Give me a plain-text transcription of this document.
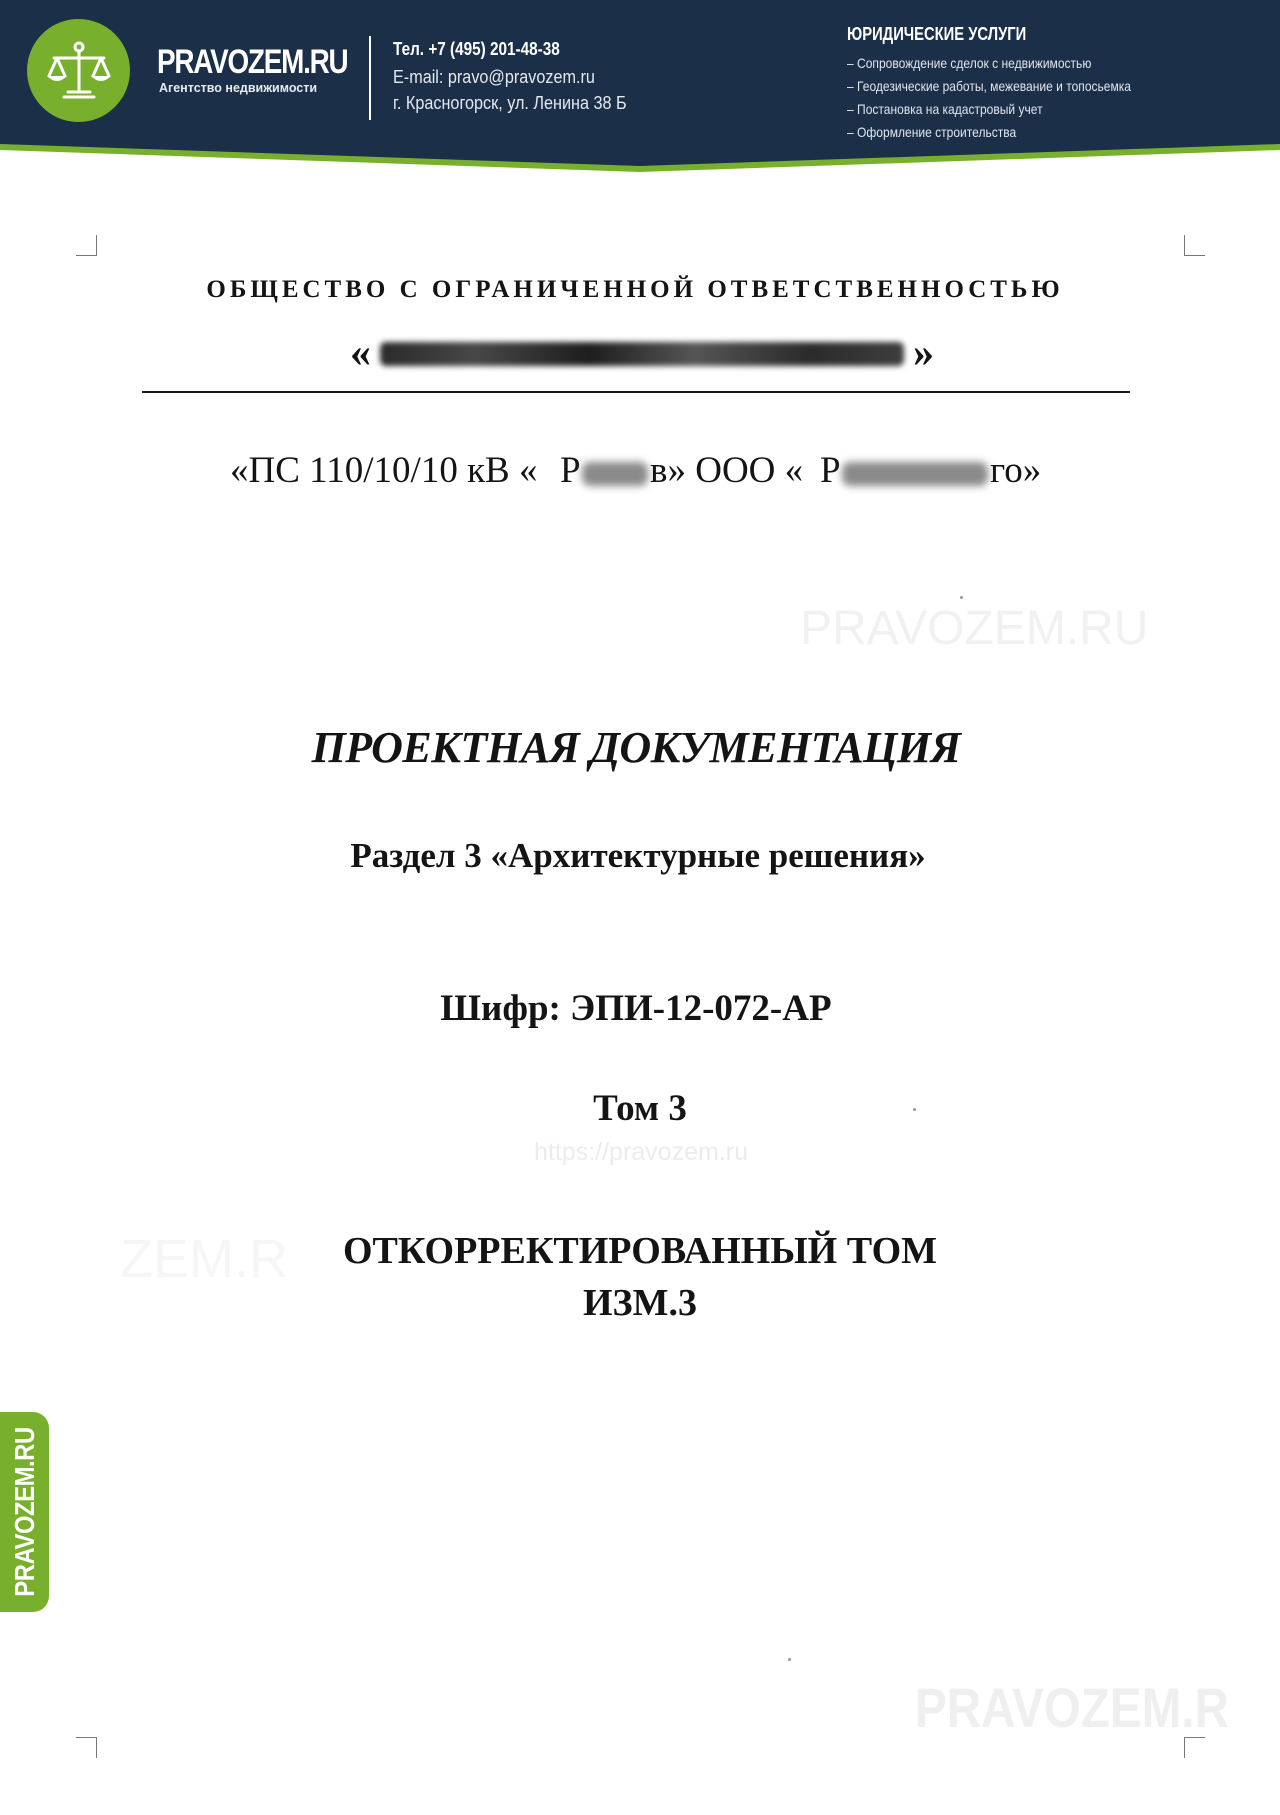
PRAVOZEM.RU
Агентство недвижимости
Тел. +7 (495) 201-48-38
E-mail: pravo@pravozem.ru
г. Красногорск, ул. Ленина 38 Б
ЮРИДИЧЕСКИЕ УСЛУГИ
– Сопровождение сделок с недвижимостью
– Геодезические работы, межевание и топосьемка
– Постановка на кадастровый учет
– Оформление строительства
PRAVOZEM.RU
https://pravozem.ru
ZEM.R
PRAVOZEM.R
ОБЩЕСТВО С ОГРАНИЧЕННОЙ ОТВЕТСТВЕННОСТЬЮ
«	»
«ПС 110/10/10 кВ « Р в» ООО « Р	го»
ПРОЕКТНАЯ ДОКУМЕНТАЦИЯ
Раздел 3 «Архитектурные решения»
Шифр: ЭПИ-12-072-АР
Том 3
ОТКОРРЕКТИРОВАННЫЙ ТОМ
ИЗМ.3
PRAVOZEM.RU
